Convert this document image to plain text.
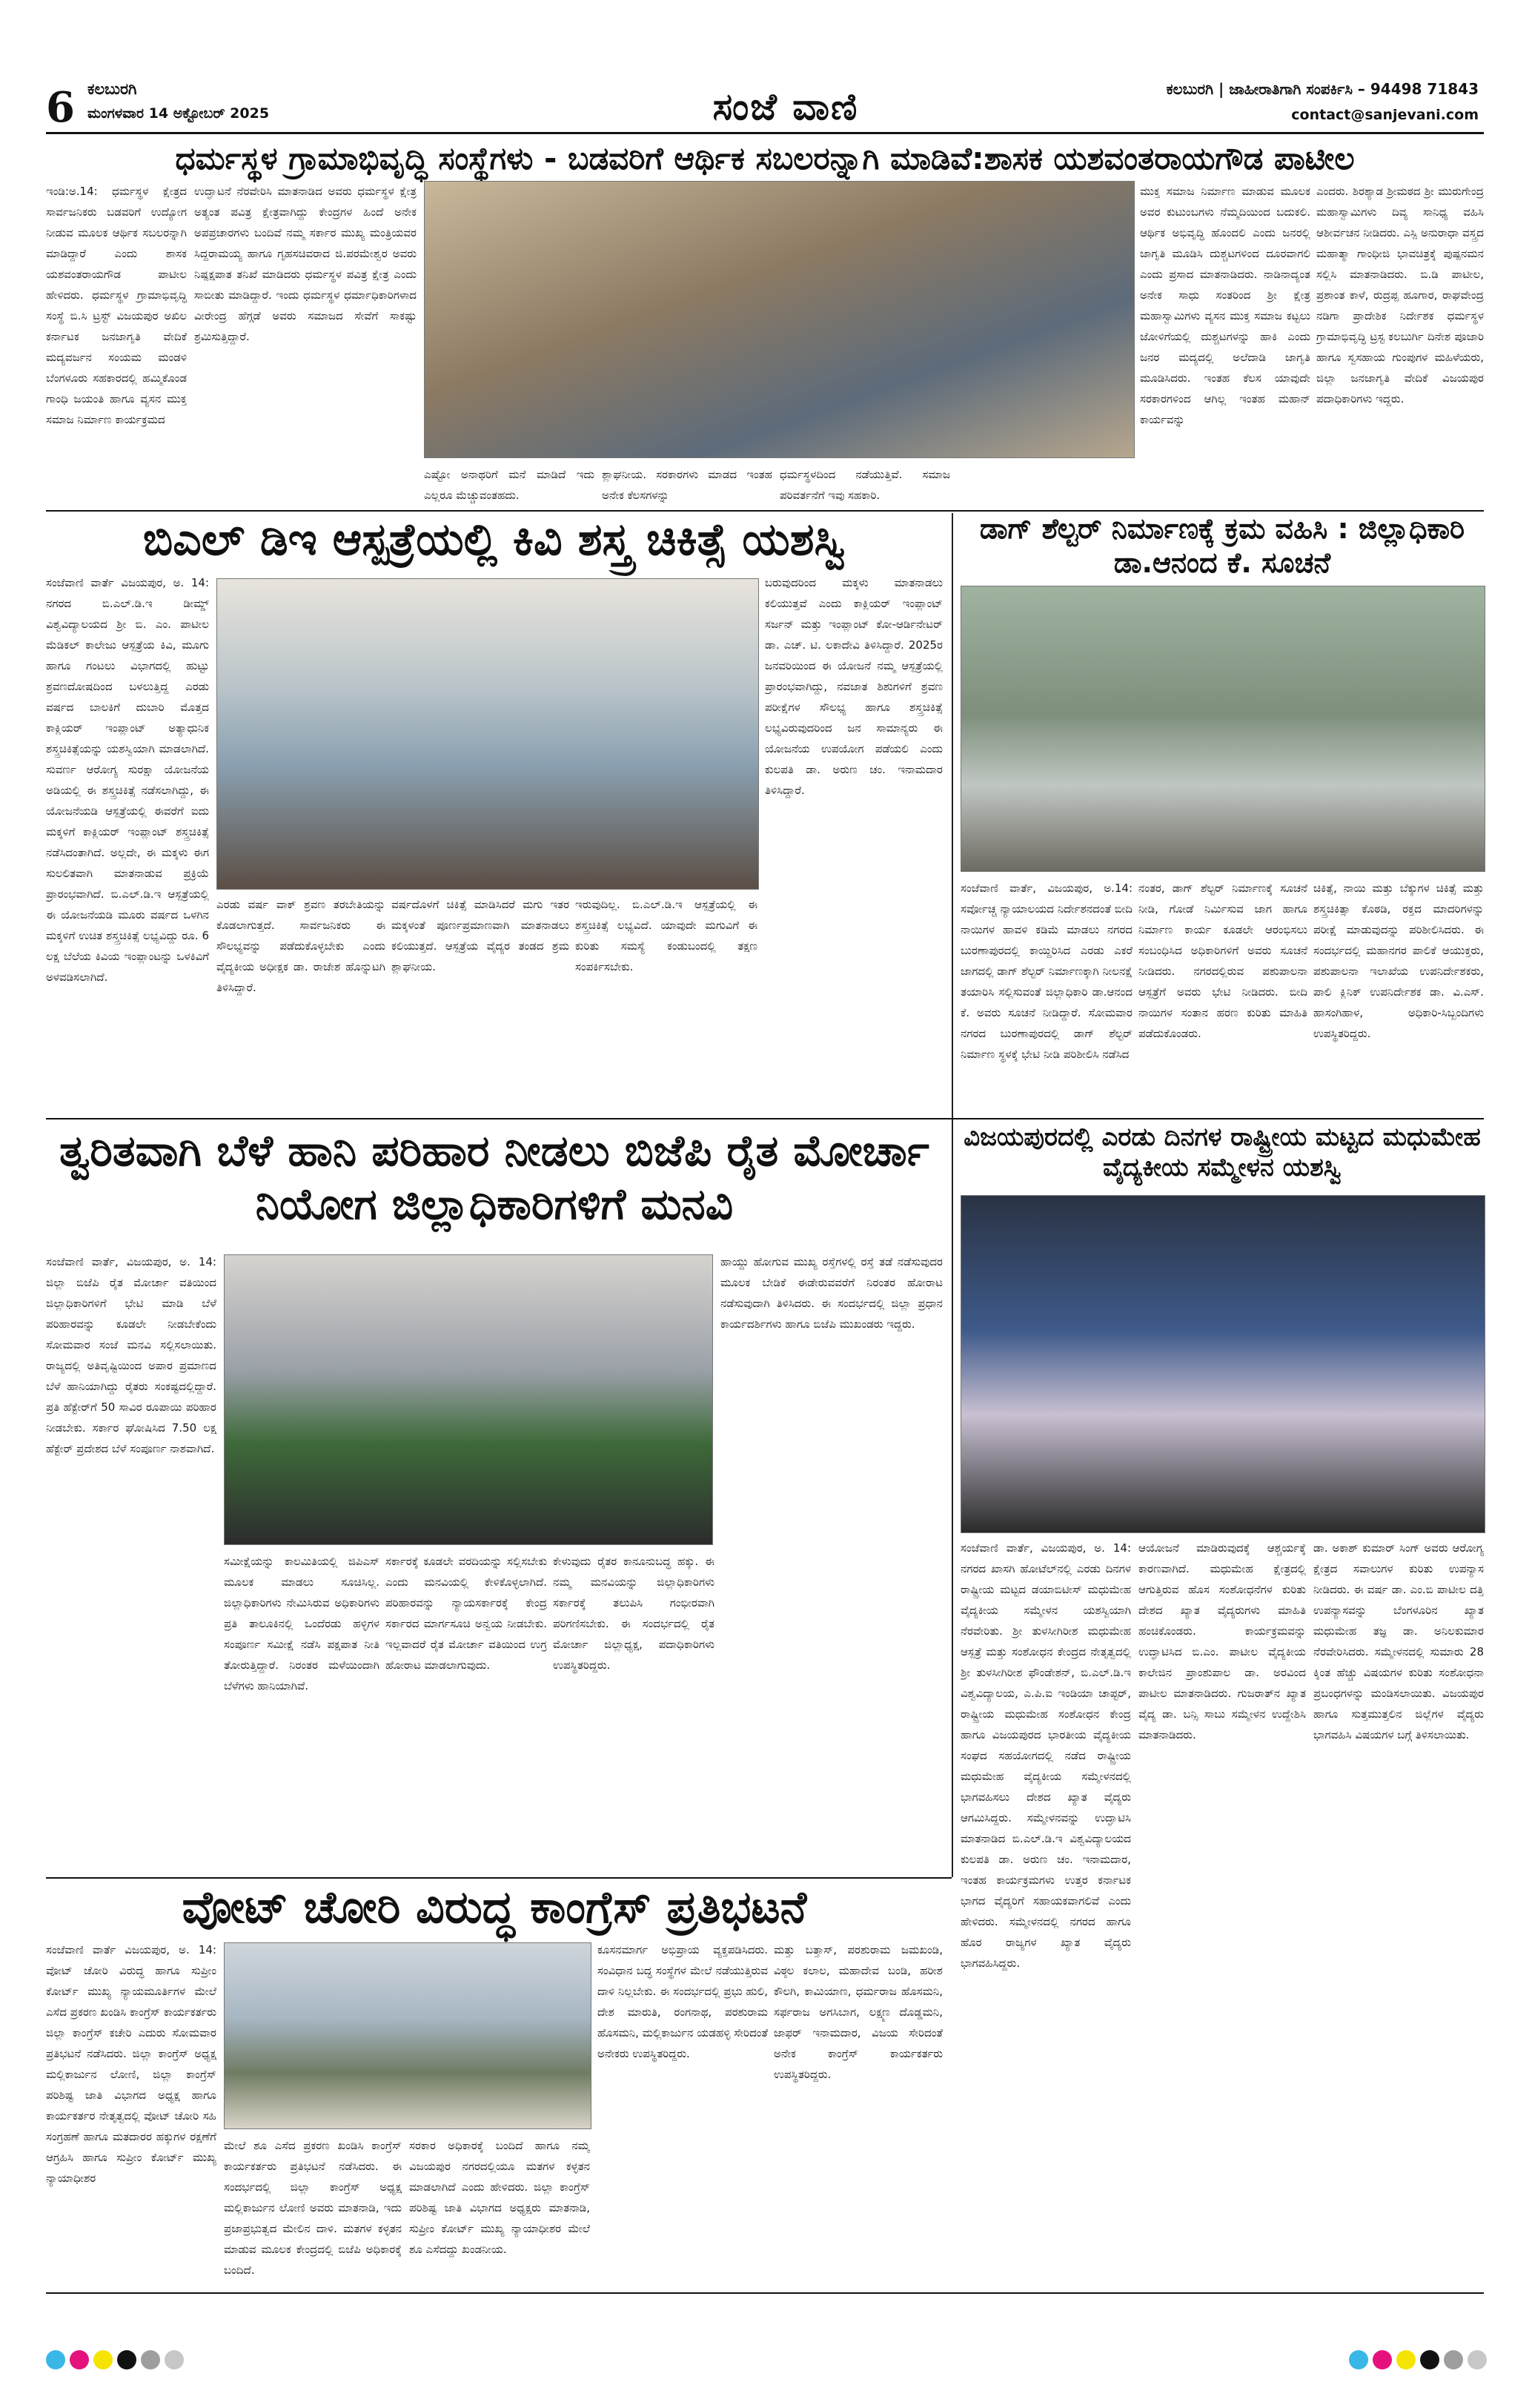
6 ಕಲಬುರಗಿ
ಮಂಗಳವಾರ 14 ಅಕ್ಟೋಬರ್ 2025	ಸಂಜೆ ವಾಣಿ	ಕಲಬುರಗಿ | ಜಾಹೀರಾತಿಗಾಗಿ ಸಂಪರ್ಕಿಸಿ – 94498 71843
contact@sanjevani.com
ಧರ್ಮಸ್ಥಳ ಗ್ರಾಮಾಭಿವೃದ್ಧಿ ಸಂಸ್ಥೆಗಳು - ಬಡವರಿಗೆ ಆರ್ಥಿಕ ಸಬಲರನ್ನಾಗಿ ಮಾಡಿವೆ:ಶಾಸಕ ಯಶವಂತರಾಯಗೌಡ ಪಾಟೀಲ
ಇಂಡಿ:ಅ.14: ಧರ್ಮಸ್ಥಳ ಕ್ಷೇತ್ರದ ಸಾರ್ವಜನಿಕರು ಬಡವರಿಗೆ ಉದ್ಯೋಗ ನೀಡುವ ಮೂಲಕ ಆರ್ಥಿಕ ಸಬಲರನ್ನಾಗಿ ಮಾಡಿದ್ದಾರೆ ಎಂದು ಶಾಸಕ ಯಶವಂತರಾಯಗೌಡ ಪಾಟೀಲ ಹೇಳಿದರು. ಧರ್ಮಸ್ಥಳ ಗ್ರಾಮಾಭಿವೃದ್ಧಿ ಸಂಸ್ಥೆ ಬಿ.ಸಿ ಟ್ರಸ್ಟ್ ವಿಜಯಪುರ ಅಖಿಲ ಕರ್ನಾಟಕ ಜನಜಾಗೃತಿ ವೇದಿಕೆ ಮದ್ಯವರ್ಜನ ಸಂಯಮ ಮಂಡಳಿ ಬೆಂಗಳೂರು ಸಹಕಾರದಲ್ಲಿ ಹಮ್ಮಿಕೊಂಡ ಗಾಂಧಿ ಜಯಂತಿ ಹಾಗೂ ವ್ಯಸನ ಮುಕ್ತ ಸಮಾಜ ನಿರ್ಮಾಣ ಕಾರ್ಯಕ್ರಮದ
ಉದ್ಘಾಟನೆ ನೆರವೇರಿಸಿ ಮಾತನಾಡಿದ ಅವರು ಧರ್ಮಸ್ಥಳ ಕ್ಷೇತ್ರ ಅತ್ಯಂತ ಪವಿತ್ರ ಕ್ಷೇತ್ರವಾಗಿದ್ದು ಕೇಂದ್ರಗಳ ಹಿಂದೆ ಅನೇಕ ಅಪಪ್ರಚಾರಗಳು ಬಂದಿವೆ ನಮ್ಮ ಸರ್ಕಾರ ಮುಖ್ಯ ಮಂತ್ರಿಯವರ ಸಿದ್ದರಾಮಯ್ಯ ಹಾಗೂ ಗೃಹಸಚಿವರಾದ ಜಿ.ಪರಮೇಶ್ವರ ಅವರು ನಿಷ್ಪಕ್ಷಪಾತ ತನಿಖೆ ಮಾಡಿದರು ಧರ್ಮಸ್ಥಳ ಪವಿತ್ರ ಕ್ಷೇತ್ರ ಎಂದು ಸಾಬೀತು ಮಾಡಿದ್ದಾರೆ. ಇಂದು ಧರ್ಮಸ್ಥಳ ಧರ್ಮಾಧಿಕಾರಿಗಳಾದ ವೀರೇಂದ್ರ ಹೆಗ್ಗಡೆ ಅವರು ಸಮಾಜದ ಸೇವೆಗೆ ಸಾಕಷ್ಟು ಶ್ರಮಿಸುತ್ತಿದ್ದಾರೆ.
ಎಷ್ಟೋ ಅನಾಥರಿಗೆ ಮನೆ ಮಾಡಿದೆ ಇದು ಎಲ್ಲರೂ ಮೆಚ್ಚುವಂತಹದು.
ಶ್ಲಾಘನೀಯ. ಸರಕಾರಗಳು ಮಾಡದ ಇಂತಹ ಅನೇಕ ಕೆಲಸಗಳನ್ನು
ಧರ್ಮಸ್ಥಳದಿಂದ ನಡೆಯುತ್ತಿವೆ. ಸಮಾಜ ಪರಿವರ್ತನೆಗೆ ಇವು ಸಹಕಾರಿ.
ಮುಕ್ತ ಸಮಾಜ ನಿರ್ಮಾಣ ಮಾಡುವ ಮೂಲಕ ಅವರ ಕುಟುಂಬಗಳು ನೆಮ್ಮದಿಯಿಂದ ಬದುಕಲಿ. ಆರ್ಥಿಕ ಅಭಿವೃದ್ಧಿ ಹೊಂದಲಿ ಎಂದು ಜನರಲ್ಲಿ ಜಾಗೃತಿ ಮೂಡಿಸಿ ದುಶ್ಚಟಗಳಿಂದ ದೂರವಾಗಲಿ ಎಂದು ಪ್ರಸಾದ ಮಾತನಾಡಿದರು. ನಾಡಿನಾದ್ಯಂತ ಅನೇಕ ಸಾಧು ಸಂತರಿಂದ ಶ್ರೀ ಕ್ಷೇತ್ರ ಮಹಾಸ್ವಾಮಿಗಳು ವ್ಯಸನ ಮುಕ್ತ ಸಮಾಜ ಕಟ್ಟಲು ಜೋಳಿಗೆಯಲ್ಲಿ ದುಶ್ಚಟಗಳನ್ನು ಹಾಕಿ ಎಂದು ಜನರ ಮದ್ಯದಲ್ಲಿ ಅಲೆದಾಡಿ ಜಾಗೃತಿ ಮೂಡಿಸಿದರು. ಇಂತಹ ಕೆಲಸ ಯಾವುದೇ ಸರಕಾರಗಳಿಂದ ಆಗಿಲ್ಲ ಇಂತಹ ಮಹಾನ್ ಕಾರ್ಯವನ್ನು
ಎಂದರು. ಶಿರಶ್ಯಾಡ ಶ್ರೀಮಠದ ಶ್ರೀ ಮುರುಗೇಂದ್ರ ಮಹಾಸ್ವಾಮಿಗಳು ದಿವ್ಯ ಸಾನಿಧ್ಯ ವಹಿಸಿ ಆಶೀರ್ವಚನ ನೀಡಿದರು. ಎಸ್ಪಿ ಅನುರಾಧಾ ವಸ್ತ್ರದ ಮಹಾತ್ಮಾ ಗಾಂಧೀಜಿ ಭಾವಚಿತ್ರಕ್ಕೆ ಪುಷ್ಪನಮನ ಸಲ್ಲಿಸಿ ಮಾತನಾಡಿದರು. ಬಿ.ಡಿ ಪಾಟೀಲ, ಪ್ರಶಾಂತ ಕಾಳೆ, ರುದ್ರಪ್ಪ ಹೂಗಾರ, ರಾಘವೇಂದ್ರ ನಡಿಗಾ ಪ್ರಾದೇಶಿಕ ನಿರ್ದೇಶಕ ಧರ್ಮಸ್ಥಳ ಗ್ರಾಮಾಭಿವೃದ್ಧಿ ಟ್ರಸ್ಟ ಕಲಬುರ್ಗಿ ದಿನೇಶ ಪೂಜಾರಿ ಹಾಗೂ ಸ್ವಸಹಾಯ ಗುಂಪುಗಳ ಮಹಿಳೆಯರು, ಜಿಲ್ಲಾ ಜನಜಾಗೃತಿ ವೇದಿಕೆ ವಿಜಯಪುರ ಪದಾಧಿಕಾರಿಗಳು ಇದ್ದರು.
ಬಿಎಲ್‌ ಡಿಇ ಆಸ್ಪತ್ರೆಯಲ್ಲಿ ಕಿವಿ ಶಸ್ತ್ರ ಚಿಕಿತ್ಸೆ ಯಶಸ್ವಿ
ಸಂಜೆವಾಣಿ ವಾರ್ತೆ ವಿಜಯಪುರ, ಅ. 14: ನಗರದ ಬಿ.ಎಲ್.ಡಿ.ಇ ಡೀಮ್ಡ್ ವಿಶ್ವವಿದ್ಯಾಲಯದ ಶ್ರೀ ಬಿ. ಎಂ. ಪಾಟೀಲ ಮೆಡಿಕಲ್ ಕಾಲೇಜು ಆಸ್ಪತ್ರೆಯ ಕಿವಿ, ಮೂಗು ಹಾಗೂ ಗಂಟಲು ವಿಭಾಗದಲ್ಲಿ ಹುಟ್ಟು ಶ್ರವಣದೋಷದಿಂದ ಬಳಲುತ್ತಿದ್ದ ಎರಡು ವರ್ಷದ ಬಾಲಕಿಗೆ ದುಬಾರಿ ಮೊತ್ತದ ಕಾಕ್ಲಿಯರ್ ಇಂಪ್ಲಾಂಟ್ ಅತ್ಯಾಧುನಿಕ ಶಸ್ತ್ರಚಿಕಿತ್ಸೆಯನ್ನು ಯಶಸ್ವಿಯಾಗಿ ಮಾಡಲಾಗಿದೆ. ಸುವರ್ಣ ಆರೋಗ್ಯ ಸುರಕ್ಷಾ ಯೋಜನೆಯ ಅಡಿಯಲ್ಲಿ ಈ ಶಸ್ತ್ರಚಿಕಿತ್ಸೆ ನಡೆಸಲಾಗಿದ್ದು, ಈ ಯೋಜನೆಯಡಿ ಆಸ್ಪತ್ರೆಯಲ್ಲಿ ಈವರೆಗೆ ಐದು ಮಕ್ಕಳಿಗೆ ಕಾಕ್ಲಿಯರ್ ಇಂಪ್ಲಾಂಟ್ ಶಸ್ತ್ರಚಿಕಿತ್ಸೆ ನಡೆಸಿದಂತಾಗಿದೆ. ಅಲ್ಲದೇ, ಈ ಮಕ್ಕಳು ಈಗ ಸುಲಲಿತವಾಗಿ ಮಾತನಾಡುವ ಪ್ರಕ್ರಿಯೆ ಪ್ರಾರಂಭವಾಗಿದೆ. ಬಿ.ಎಲ್.ಡಿ.ಇ ಆಸ್ಪತ್ರೆಯಲ್ಲಿ ಈ ಯೋಜನೆಯಡಿ ಮೂರು ವರ್ಷದ ಒಳಗಿನ ಮಕ್ಕಳಿಗೆ ಉಚಿತ ಶಸ್ತ್ರಚಿಕಿತ್ಸೆ ಲಭ್ಯವಿದ್ದು ರೂ. 6 ಲಕ್ಷ ಬೆಲೆಯ ಕಿವಿಯ ಇಂಪ್ಲಾಂಟನ್ನು ಒಳಕಿವಿಗೆ ಅಳವಡಿಸಲಾಗಿದೆ.
ಎರಡು ವರ್ಷ ವಾಕ್ ಶ್ರವಣ ತರಬೇತಿಯನ್ನು ಕೊಡಲಾಗುತ್ತದೆ. ಸಾರ್ವಜನಿಕರು ಈ ಸೌಲಭ್ಯವನ್ನು ಪಡೆದುಕೊಳ್ಳಬೇಕು ಎಂದು ವೈದ್ಯಕೀಯ ಅಧೀಕ್ಷಕ ಡಾ. ರಾಜೇಶ ಹೊನ್ನುಟಗಿ ತಿಳಿಸಿದ್ದಾರೆ.
ವರ್ಷದೊಳಗೆ ಚಿಕಿತ್ಸೆ ಮಾಡಿಸಿದರೆ ಮಗು ಇತರ ಮಕ್ಕಳಂತೆ ಪೂರ್ಣಪ್ರಮಾಣವಾಗಿ ಮಾತನಾಡಲು ಕಲಿಯುತ್ತದೆ. ಆಸ್ಪತ್ರೆಯ ವೈದ್ಯರ ತಂಡದ ಶ್ರಮ ಶ್ಲಾಘನೀಯ.
ಇರುವುದಿಲ್ಲ. ಬಿ.ಎಲ್.ಡಿ.ಇ ಆಸ್ಪತ್ರೆಯಲ್ಲಿ ಈ ಶಸ್ತ್ರಚಿಕಿತ್ಸೆ ಲಭ್ಯವಿದೆ. ಯಾವುದೇ ಮಗುವಿಗೆ ಈ ಕುರಿತು ಸಮಸ್ಯೆ ಕಂಡುಬಂದಲ್ಲಿ ತಕ್ಷಣ ಸಂಪರ್ಕಿಸಬೇಕು.
ಬರುವುದರಿಂದ ಮಕ್ಕಳು ಮಾತನಾಡಲು ಕಲಿಯುತ್ತವೆ ಎಂದು ಕಾಕ್ಲಿಯರ್ ಇಂಪ್ಲಾಂಟ್ ಸರ್ಜನ್ ಮತ್ತು ಇಂಪ್ಲಾಂಟ್ ಕೋ-ಆರ್ಡಿನೇಟರ್ ಡಾ. ಎಚ್. ಟಿ. ಲಕಾದೇವಿ ತಿಳಿಸಿದ್ದಾರೆ. 2025ರ ಜನವರಿಯಿಂದ ಈ ಯೋಜನೆ ನಮ್ಮ ಆಸ್ಪತ್ರೆಯಲ್ಲಿ ಪ್ರಾರಂಭವಾಗಿದ್ದು, ನವಜಾತ ಶಿಶುಗಳಿಗೆ ಶ್ರವಣ ಪರೀಕ್ಷೆಗಳ ಸೌಲಭ್ಯ ಹಾಗೂ ಶಸ್ತ್ರಚಿಕಿತ್ಸೆ ಲಭ್ಯವಿರುವುದರಿಂದ ಜನ ಸಾಮಾನ್ಯರು ಈ ಯೋಜನೆಯ ಉಪಯೋಗ ಪಡೆಯಲಿ ಎಂದು ಕುಲಪತಿ ಡಾ. ಅರುಣ ಚಂ. ಇನಾಮದಾರ ತಿಳಿಸಿದ್ದಾರೆ.
ಡಾಗ್ ಶೆಲ್ಟರ್ ನಿರ್ಮಾಣಕ್ಕೆ ಕ್ರಮ ವಹಿಸಿ : ಜಿಲ್ಲಾಧಿಕಾರಿ ಡಾ.ಆನಂದ ಕೆ. ಸೂಚನೆ
ಸಂಜೆವಾಣಿ ವಾರ್ತೆ, ವಿಜಯಪುರ, ಅ.14: ಸರ್ವೋಚ್ಚ ನ್ಯಾಯಾಲಯದ ನಿರ್ದೇಶನದಂತೆ ಬೀದಿ ನಾಯಿಗಳ ಹಾವಳಿ ಕಡಿಮೆ ಮಾಡಲು ನಗರದ ಬುರಣಾಪುರದಲ್ಲಿ ಕಾಯ್ದಿರಿಸಿದ ಎರಡು ಎಕರೆ ಜಾಗದಲ್ಲಿ ಡಾಗ್ ಶೆಲ್ಟರ್ ನಿರ್ಮಾಣಕ್ಕಾಗಿ ನೀಲನಕ್ಷೆ ತಯಾರಿಸಿ ಸಲ್ಲಿಸುವಂತೆ ಜಿಲ್ಲಾಧಿಕಾರಿ ಡಾ.ಆನಂದ ಕೆ. ಅವರು ಸೂಚನೆ ನೀಡಿದ್ದಾರೆ. ಸೋಮವಾರ ನಗರದ ಬುರಣಾಪುರದಲ್ಲಿ ಡಾಗ್ ಶೆಲ್ಟರ್ ನಿರ್ಮಾಣ ಸ್ಥಳಕ್ಕೆ ಭೇಟಿ ನೀಡಿ ಪರಿಶೀಲಿಸಿ ನಡೆಸಿದ
ನಂತರ, ಡಾಗ್ ಶೆಲ್ಟರ್ ನಿರ್ಮಾಣಕ್ಕೆ ಸೂಚನೆ ನೀಡಿ, ಗೋಡೆ ನಿರ್ಮಿಸುವ ಜಾಗ ಹಾಗೂ ನಿರ್ಮಾಣ ಕಾರ್ಯ ಕೂಡಲೇ ಆರಂಭಿಸಲು ಸಂಬಂಧಿಸಿದ ಅಧಿಕಾರಿಗಳಿಗೆ ಅವರು ಸೂಚನೆ ನೀಡಿದರು. ನಗರದಲ್ಲಿರುವ ಪಶುಪಾಲನಾ ಆಸ್ಪತ್ರೆಗೆ ಅವರು ಭೇಟಿ ನೀಡಿದರು. ಬೀದಿ ನಾಯಿಗಳ ಸಂತಾನ ಹರಣ ಕುರಿತು ಮಾಹಿತಿ ಪಡೆದುಕೊಂಡರು.
ಚಿಕಿತ್ಸೆ, ನಾಯಿ ಮತ್ತು ಬೆಕ್ಕುಗಳ ಚಿಕಿತ್ಸೆ ಮತ್ತು ಶಸ್ತ್ರಚಿಕಿತ್ಸಾ ಕೊಠಡಿ, ರಕ್ತದ ಮಾದರಿಗಳನ್ನು ಪರೀಕ್ಷೆ ಮಾಡುವುದನ್ನು ಪರಿಶೀಲಿಸಿದರು. ಈ ಸಂದರ್ಭದಲ್ಲಿ ಮಹಾನಗರ ಪಾಲಿಕೆ ಆಯುಕ್ತರು, ಪಶುಪಾಲನಾ ಇಲಾಖೆಯ ಉಪನಿರ್ದೇಶಕರು, ಪಾಲಿ ಕ್ಲಿನಿಕ್ ಉಪನಿರ್ದೇಶಕ ಡಾ. ವಿ.ಎಸ್. ಹಾಸಂಗಿಹಾಳ, ಅಧಿಕಾರಿ-ಸಿಬ್ಬಂದಿಗಳು ಉಪಸ್ಥಿತರಿದ್ದರು.
ತ್ವರಿತವಾಗಿ ಬೆಳೆ ಹಾನಿ ಪರಿಹಾರ ನೀಡಲು ಬಿಜೆಪಿ ರೈತ ಮೋರ್ಚಾ ನಿಯೋಗ ಜಿಲ್ಲಾಧಿಕಾರಿಗಳಿಗೆ ಮನವಿ
ಸಂಜೆವಾಣಿ ವಾರ್ತೆ, ವಿಜಯಪುರ, ಅ. 14: ಜಿಲ್ಲಾ ಬಿಜೆಪಿ ರೈತ ಮೋರ್ಚಾ ವತಿಯಿಂದ ಜಿಲ್ಲಾಧಿಕಾರಿಗಳಿಗೆ ಭೇಟಿ ಮಾಡಿ ಬೆಳೆ ಪರಿಹಾರವನ್ನು ಕೂಡಲೇ ನೀಡಬೇಕೆಂದು ಸೋಮವಾರ ಸಂಜೆ ಮನವಿ ಸಲ್ಲಿಸಲಾಯಿತು. ರಾಜ್ಯದಲ್ಲಿ ಅತಿವೃಷ್ಟಿಯಿಂದ ಅಪಾರ ಪ್ರಮಾಣದ ಬೆಳೆ ಹಾನಿಯಾಗಿದ್ದು ರೈತರು ಸಂಕಷ್ಟದಲ್ಲಿದ್ದಾರೆ. ಪ್ರತಿ ಹೆಕ್ಟೇರ್‌ಗೆ 50 ಸಾವಿರ ರೂಪಾಯಿ ಪರಿಹಾರ ನೀಡಬೇಕು. ಸರ್ಕಾರ ಘೋಷಿಸಿದ 7.50 ಲಕ್ಷ ಹೆಕ್ಟೇರ್ ಪ್ರದೇಶದ ಬೆಳೆ ಸಂಪೂರ್ಣ ನಾಶವಾಗಿದೆ.
ಸಮೀಕ್ಷೆಯನ್ನು ಕಾಲಮಿತಿಯಲ್ಲಿ ಜಿಪಿಎಸ್ ಮೂಲಕ ಮಾಡಲು ಸೂಚಿಸಿಲ್ಲ. ಜಿಲ್ಲಾಧಿಕಾರಿಗಳು ನೇಮಿಸಿರುವ ಅಧಿಕಾರಿಗಳು ಪ್ರತಿ ತಾಲೂಕಿನಲ್ಲಿ ಒಂದೆರಡು ಹಳ್ಳಿಗಳ ಸಂಪೂರ್ಣ ಸಮೀಕ್ಷೆ ನಡೆಸಿ ಪಕ್ಷಪಾತ ನೀತಿ ತೋರುತ್ತಿದ್ದಾರೆ. ನಿರಂತರ ಮಳೆಯಿಂದಾಗಿ ಬೆಳೆಗಳು ಹಾನಿಯಾಗಿವೆ.
ಸರ್ಕಾರಕ್ಕೆ ಕೂಡಲೇ ವರದಿಯನ್ನು ಸಲ್ಲಿಸಬೇಕು ಎಂದು ಮನವಿಯಲ್ಲಿ ಕೇಳಿಕೊಳ್ಳಲಾಗಿದೆ. ಪರಿಹಾರವನ್ನು ನ್ಯಾಯಸರ್ಕಾರಕ್ಕೆ ಕೇಂದ್ರ ಸರ್ಕಾರದ ಮಾರ್ಗಸೂಚಿ ಅನ್ವಯ ನೀಡಬೇಕು. ಇಲ್ಲವಾದರೆ ರೈತ ಮೋರ್ಚಾ ವತಿಯಿಂದ ಉಗ್ರ ಹೋರಾಟ ಮಾಡಲಾಗುವುದು.
ಕೇಳುವುದು ರೈತರ ಕಾನೂನುಬದ್ಧ ಹಕ್ಕು. ಈ ನಮ್ಮ ಮನವಿಯನ್ನು ಜಿಲ್ಲಾಧಿಕಾರಿಗಳು ಸರ್ಕಾರಕ್ಕೆ ತಲುಪಿಸಿ ಗಂಭೀರವಾಗಿ ಪರಿಗಣಿಸಬೇಕು. ಈ ಸಂದರ್ಭದಲ್ಲಿ ರೈತ ಮೋರ್ಚಾ ಜಿಲ್ಲಾಧ್ಯಕ್ಷ, ಪದಾಧಿಕಾರಿಗಳು ಉಪಸ್ಥಿತರಿದ್ದರು.
ಹಾಯ್ದು ಹೋಗುವ ಮುಖ್ಯ ರಸ್ತೆಗಳಲ್ಲಿ ರಸ್ತೆ ತಡೆ ನಡೆಸುವುದರ ಮೂಲಕ ಬೇಡಿಕೆ ಈಡೇರುವವರೆಗೆ ನಿರಂತರ ಹೋರಾಟ ನಡೆಸುವುದಾಗಿ ತಿಳಿಸಿದರು. ಈ ಸಂದರ್ಭದಲ್ಲಿ ಜಿಲ್ಲಾ ಪ್ರಧಾನ ಕಾರ್ಯದರ್ಶಿಗಳು ಹಾಗೂ ಬಿಜೆಪಿ ಮುಖಂಡರು ಇದ್ದರು.
ವಿಜಯಪುರದಲ್ಲಿ ಎರಡು ದಿನಗಳ ರಾಷ್ಟ್ರೀಯ ಮಟ್ಟದ ಮಧುಮೇಹ ವೈದ್ಯಕೀಯ ಸಮ್ಮೇಳನ ಯಶಸ್ವಿ
ಸಂಜೆವಾಣಿ ವಾರ್ತೆ, ವಿಜಯಪುರ, ಅ. 14: ನಗರದ ಖಾಸಗಿ ಹೋಟೆಲ್‌ನಲ್ಲಿ ಎರಡು ದಿನಗಳ ರಾಷ್ಟ್ರೀಯ ಮಟ್ಟದ ಡಯಾಬಿಟೀಸ್ ಮಧುಮೇಹ ವೈದ್ಯಕೀಯ ಸಮ್ಮೇಳನ ಯಶಸ್ವಿಯಾಗಿ ನೆರವೇರಿತು. ಶ್ರೀ ತುಳಸೀಗಿರೀಶ ಮಧುಮೇಹ ಆಸ್ಪತ್ರೆ ಮತ್ತು ಸಂಶೋಧನ ಕೇಂದ್ರದ ನೇತೃತ್ವದಲ್ಲಿ ಶ್ರೀ ತುಳಸೀಗಿರೀಶ ಫೌಂಡೇಶನ್, ಬಿ.ಎಲ್.ಡಿ.ಇ ವಿಶ್ವವಿದ್ಯಾಲಯ, ಎ.ಪಿ.ಐ ಇಂಡಿಯಾ ಚಾಪ್ಟರ್, ರಾಷ್ಟ್ರೀಯ ಮಧುಮೇಹ ಸಂಶೋಧನ ಕೇಂದ್ರ ಹಾಗೂ ವಿಜಯಪುರದ ಭಾರತೀಯ ವೈದ್ಯಕೀಯ ಸಂಘದ ಸಹಯೋಗದಲ್ಲಿ ನಡೆದ ರಾಷ್ಟ್ರೀಯ ಮಧುಮೇಹ ವೈದ್ಯಕೀಯ ಸಮ್ಮೇಳನದಲ್ಲಿ ಭಾಗವಹಿಸಲು ದೇಶದ ಖ್ಯಾತ ವೈದ್ಯರು ಆಗಮಿಸಿದ್ದರು. ಸಮ್ಮೇಳನವನ್ನು ಉದ್ಘಾಟಿಸಿ ಮಾತನಾಡಿದ ಬಿ.ಎಲ್.ಡಿ.ಇ ವಿಶ್ವವಿದ್ಯಾಲಯದ ಕುಲಪತಿ ಡಾ. ಅರುಣ ಚಂ. ಇನಾಮದಾರ, ಇಂತಹ ಕಾರ್ಯಕ್ರಮಗಳು ಉತ್ತರ ಕರ್ನಾಟಕ ಭಾಗದ ವೈದ್ಯರಿಗೆ ಸಹಾಯಕವಾಗಲಿವೆ ಎಂದು ಹೇಳಿದರು. ಸಮ್ಮೇಳನದಲ್ಲಿ ನಗರದ ಹಾಗೂ ಹೊರ ರಾಜ್ಯಗಳ ಖ್ಯಾತ ವೈದ್ಯರು ಭಾಗವಹಿಸಿದ್ದರು.
ಆಯೋಜನೆ ಮಾಡಿರುವುದಕ್ಕೆ ಆಶ್ಚರ್ಯಕ್ಕೆ ಕಾರಣವಾಗಿದೆ. ಮಧುಮೇಹ ಕ್ಷೇತ್ರದಲ್ಲಿ ಆಗುತ್ತಿರುವ ಹೊಸ ಸಂಶೋಧನೆಗಳ ಕುರಿತು ದೇಶದ ಖ್ಯಾತ ವೈದ್ಯರುಗಳು ಮಾಹಿತಿ ಹಂಚಿಕೊಂಡರು. ಕಾರ್ಯಕ್ರಮವನ್ನು ಉದ್ಘಾಟಿಸಿದ ಬಿ.ಎಂ. ಪಾಟೀಲ ವೈದ್ಯಕೀಯ ಕಾಲೇಜಿನ ಪ್ರಾಂಶುಪಾಲ ಡಾ. ಅರವಿಂದ ಪಾಟೀಲ ಮಾತನಾಡಿದರು. ಗುಜರಾತ್‌ನ ಖ್ಯಾತ ವೈದ್ಯ ಡಾ. ಬನ್ಸಿ ಸಾಬು ಸಮ್ಮೇಳನ ಉದ್ದೇಶಿಸಿ ಮಾತನಾಡಿದರು.
ಡಾ. ಅಕಾಶ್ ಕುಮಾರ್ ಸಿಂಗ್ ಅವರು ಆರೋಗ್ಯ ಕ್ಷೇತ್ರದ ಸವಾಲುಗಳ ಕುರಿತು ಉಪನ್ಯಾಸ ನೀಡಿದರು. ಈ ವರ್ಷ ಡಾ. ಎಂ.ಬಿ ಪಾಟೀಲ ದತ್ತಿ ಉಪನ್ಯಾಸವನ್ನು ಬೆಂಗಳೂರಿನ ಖ್ಯಾತ ಮಧುಮೇಹ ತಜ್ಞ ಡಾ. ಅನಿಲಕುಮಾರ ನೆರವೇರಿಸಿದರು. ಸಮ್ಮೇಳನದಲ್ಲಿ ಸುಮಾರು 28 ಕ್ಕಿಂತ ಹೆಚ್ಚು ವಿಷಯಗಳ ಕುರಿತು ಸಂಶೋಧನಾ ಪ್ರಬಂಧಗಳನ್ನು ಮಂಡಿಸಲಾಯಿತು. ವಿಜಯಪುರ ಹಾಗೂ ಸುತ್ತಮುತ್ತಲಿನ ಜಿಲ್ಲೆಗಳ ವೈದ್ಯರು ಭಾಗವಹಿಸಿ ವಿಷಯಗಳ ಬಗ್ಗೆ ತಿಳಿಸಲಾಯಿತು.
ವೋಟ್ ಚೋರಿ ವಿರುದ್ಧ ಕಾಂಗ್ರೆಸ್ ಪ್ರತಿಭಟನೆ
ಸಂಜೆವಾಣಿ ವಾರ್ತೆ ವಿಜಯಪುರ, ಅ. 14: ವೋಟ್ ಚೋರಿ ವಿರುದ್ಧ ಹಾಗೂ ಸುಪ್ರೀಂ ಕೋರ್ಟ್ ಮುಖ್ಯ ನ್ಯಾಯಮೂರ್ತಿಗಳ ಮೇಲೆ ಎಸೆದ ಪ್ರಕರಣ ಖಂಡಿಸಿ ಕಾಂಗ್ರೆಸ್ ಕಾರ್ಯಕರ್ತರು ಜಿಲ್ಲಾ ಕಾಂಗ್ರೆಸ್ ಕಚೇರಿ ಎದುರು ಸೋಮವಾರ ಪ್ರತಿಭಟನೆ ನಡೆಸಿದರು. ಜಿಲ್ಲಾ ಕಾಂಗ್ರೆಸ್ ಅಧ್ಯಕ್ಷ ಮಲ್ಲಿಕಾರ್ಜುನ ಲೋಣಿ, ಜಿಲ್ಲಾ ಕಾಂಗ್ರೆಸ್ ಪರಿಶಿಷ್ಟ ಜಾತಿ ವಿಭಾಗದ ಅಧ್ಯಕ್ಷ ಹಾಗೂ ಕಾರ್ಯಕರ್ತರ ನೇತೃತ್ವದಲ್ಲಿ ವೋಟ್ ಚೋರಿ ಸಹಿ ಸಂಗ್ರಹಣೆ ಹಾಗೂ ಮತದಾರರ ಹಕ್ಕುಗಳ ರಕ್ಷಣೆಗೆ ಆಗ್ರಹಿಸಿ ಹಾಗೂ ಸುಪ್ರೀಂ ಕೋರ್ಟ್ ಮುಖ್ಯ ನ್ಯಾಯಾಧೀಶರ
ಮೇಲೆ ಶೂ ಎಸೆದ ಪ್ರಕರಣ ಖಂಡಿಸಿ ಕಾಂಗ್ರೆಸ್ ಕಾರ್ಯಕರ್ತರು ಪ್ರತಿಭಟನೆ ನಡೆಸಿದರು. ಈ ಸಂದರ್ಭದಲ್ಲಿ ಜಿಲ್ಲಾ ಕಾಂಗ್ರೆಸ್ ಅಧ್ಯಕ್ಷ ಮಲ್ಲಿಕಾರ್ಜುನ ಲೋಣಿ ಅವರು ಮಾತನಾಡಿ, ಇದು ಪ್ರಜಾಪ್ರಭುತ್ವದ ಮೇಲಿನ ದಾಳಿ. ಮತಗಳ ಕಳ್ಳತನ ಮಾಡುವ ಮೂಲಕ ಕೇಂದ್ರದಲ್ಲಿ ಬಿಜೆಪಿ ಅಧಿಕಾರಕ್ಕೆ ಬಂದಿದೆ.
ಸರಕಾರ ಅಧಿಕಾರಕ್ಕೆ ಬಂದಿದೆ ಹಾಗೂ ನಮ್ಮ ವಿಜಯಪುರ ನಗರದಲ್ಲಿಯೂ ಮತಗಳ ಕಳ್ಳತನ ಮಾಡಲಾಗಿದೆ ಎಂದು ಹೇಳಿದರು. ಜಿಲ್ಲಾ ಕಾಂಗ್ರೆಸ್ ಪರಿಶಿಷ್ಟ ಜಾತಿ ವಿಭಾಗದ ಅಧ್ಯಕ್ಷರು ಮಾತನಾಡಿ, ಸುಪ್ರೀಂ ಕೋರ್ಟ್ ಮುಖ್ಯ ನ್ಯಾಯಾಧೀಶರ ಮೇಲೆ ಶೂ ಎಸೆದದ್ದು ಖಂಡನೀಯ.
ಕೂಸನಮಾರ್ಗ ಅಭಿಪ್ರಾಯ ವ್ಯಕ್ತಪಡಿಸಿದರು. ಸಂವಿಧಾನ ಬದ್ಧ ಸಂಸ್ಥೆಗಳ ಮೇಲೆ ನಡೆಯುತ್ತಿರುವ ದಾಳಿ ನಿಲ್ಲಬೇಕು. ಈ ಸಂದರ್ಭದಲ್ಲಿ ಪ್ರಭು ಹುಲಿ, ದೇಶ ಮಾರುತಿ, ರಂಗನಾಥ, ಪರಶುರಾಮ ಹೊಸಮನಿ, ಮಲ್ಲಿಕಾರ್ಜುನ ಯಡಹಳ್ಳಿ ಸೇರಿದಂತೆ ಅನೇಕರು ಉಪಸ್ಥಿತರಿದ್ದರು.
ಮತ್ತು ಬತ್ತಾಸ್, ಪರಶುರಾಮ ಜಮಖಂಡಿ, ವಿಠ್ಠಲ ಕಲಾಲ, ಮಹಾದೇವ ಬಂಡಿ, ಹರೀಶ ಕೌಲಗಿ, ಕಾಮಿಯಾಣ, ಧರ್ಮರಾಜ ಹೊಸಮನಿ, ಸರ್ಫರಾಜ ಅಗಸಿಬಾಗ, ಲಕ್ಷ್ಮಣ ದೊಡ್ಡಮನಿ, ಜಾಫರ್ ಇನಾಮದಾರ, ವಿಜಯ ಸೇರಿದಂತೆ ಅನೇಕ ಕಾಂಗ್ರೆಸ್ ಕಾರ್ಯಕರ್ತರು ಉಪಸ್ಥಿತರಿದ್ದರು.
